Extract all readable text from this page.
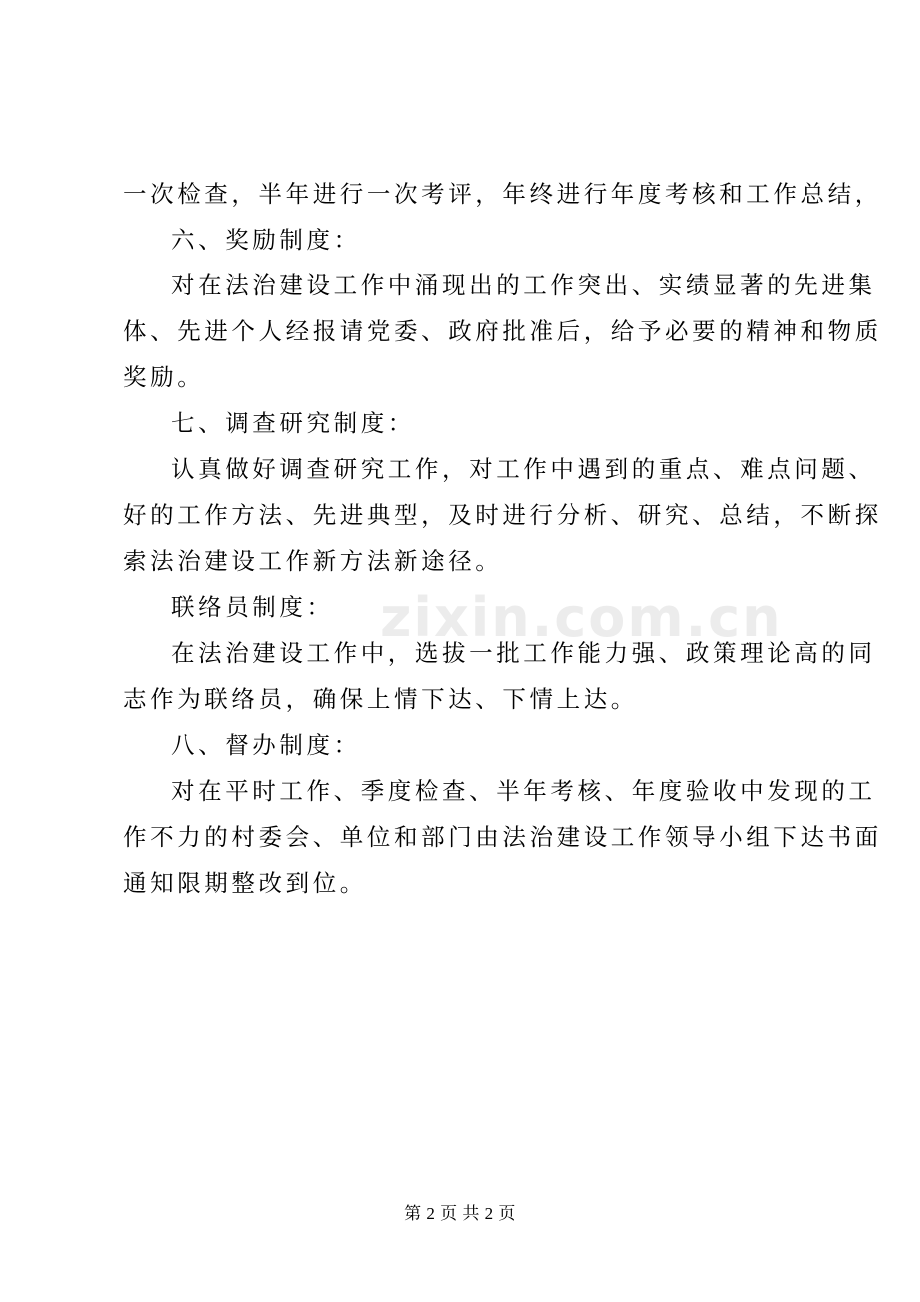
zixin.com.cn
一次检查，半年进行一次考评，年终进行年度考核和工作总结，
六、奖励制度：
对在法治建设工作中涌现出的工作突出、实绩显著的先进集
体、先进个人经报请党委、政府批准后，给予必要的精神和物质
奖励。
七、调查研究制度：
认真做好调查研究工作，对工作中遇到的重点、难点问题、
好的工作方法、先进典型，及时进行分析、研究、总结，不断探
索法治建设工作新方法新途径。
联络员制度：
在法治建设工作中，选拔一批工作能力强、政策理论高的同
志作为联络员，确保上情下达、下情上达。
八、督办制度：
对在平时工作、季度检查、半年考核、年度验收中发现的工
作不力的村委会、单位和部门由法治建设工作领导小组下达书面
通知限期整改到位。
第 2 页 共 2 页
